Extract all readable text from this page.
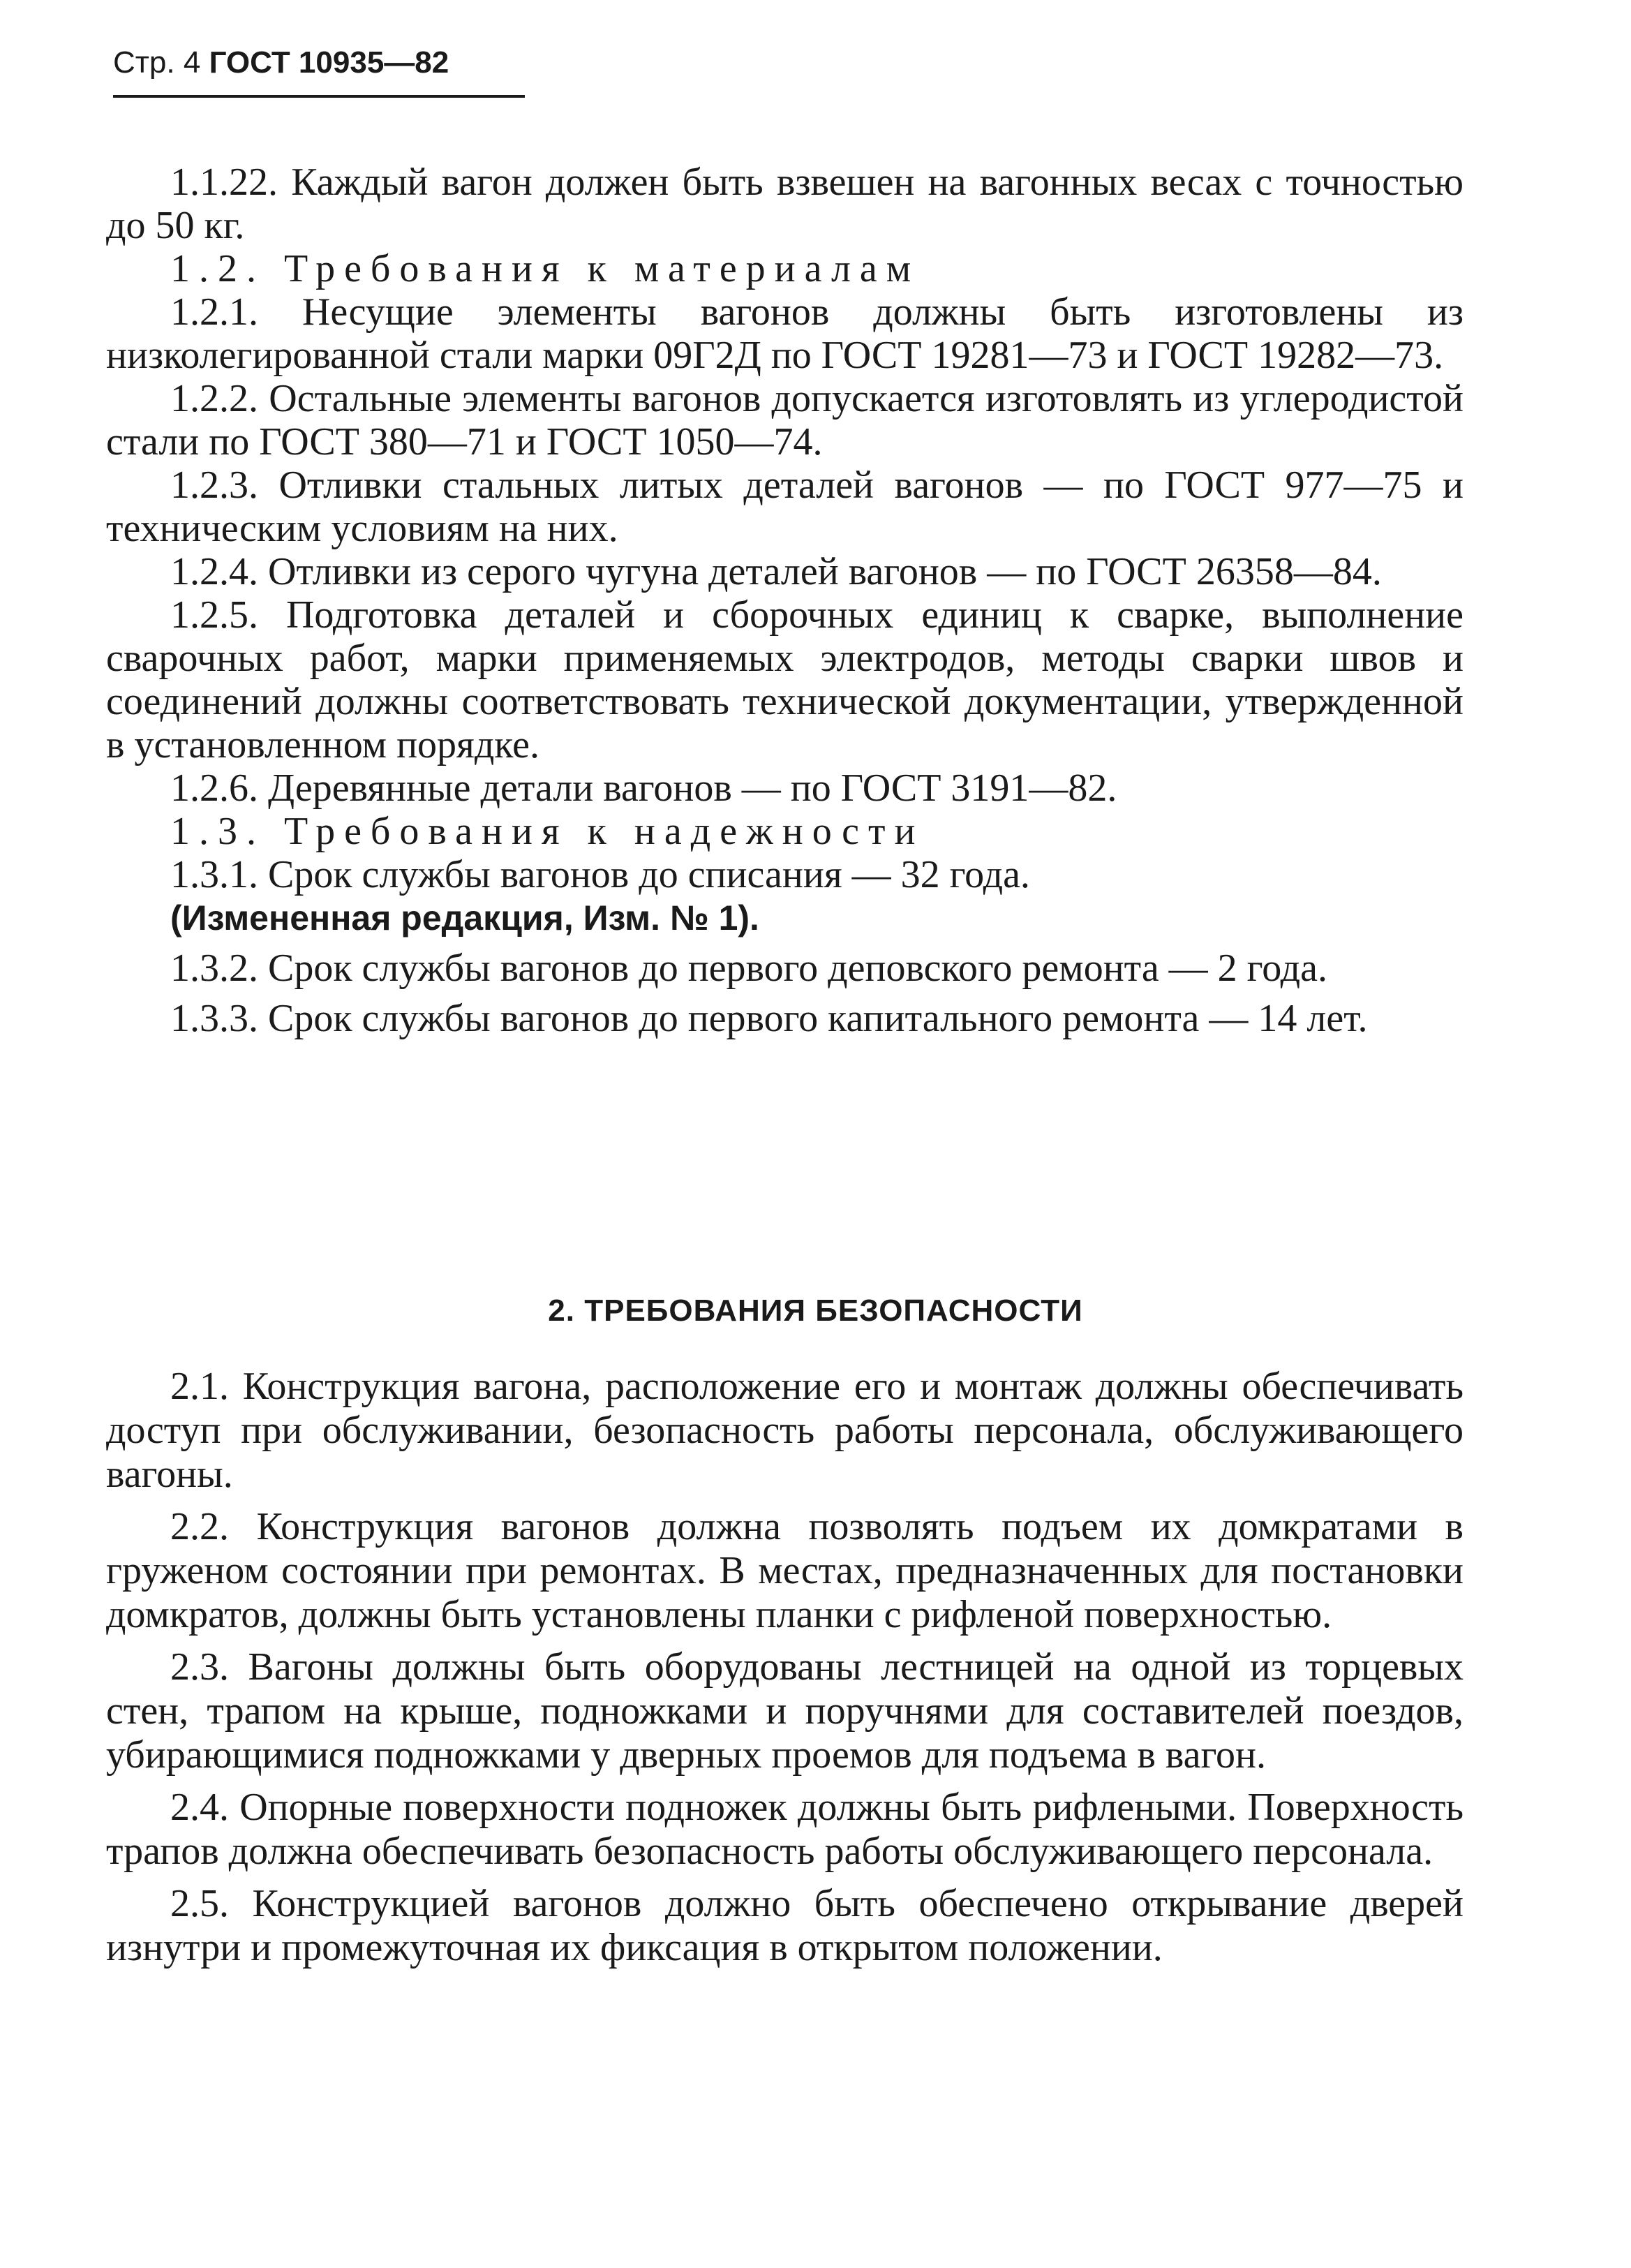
Стр. 4 ГОСТ 10935—82

1.1.22. Каждый вагон должен быть взвешен на вагонных весах с точностью до 50 кг.

1.2. Требования к материалам

1.2.1. Несущие элементы вагонов должны быть изготовлены из низколегированной стали марки 09Г2Д по ГОСТ 19281—73 и ГОСТ 19282—73.

1.2.2. Остальные элементы вагонов допускается изготовлять из углеродистой стали по ГОСТ 380—71 и ГОСТ 1050—74.

1.2.3. Отливки стальных литых деталей вагонов — по ГОСТ 977—75 и техническим условиям на них.

1.2.4. Отливки из серого чугуна деталей вагонов — по ГОСТ 26358—84.

1.2.5. Подготовка деталей и сборочных единиц к сварке, выполнение сварочных работ, марки применяемых электродов, методы сварки швов и соединений должны соответствовать технической документации, утвержденной в установленном порядке.

1.2.6. Деревянные детали вагонов — по ГОСТ 3191—82.

1.3. Требования к надежности

1.3.1. Срок службы вагонов до списания — 32 года.

(Измененная редакция, Изм. № 1).

1.3.2. Срок службы вагонов до первого деповского ремонта — 2 года.

1.3.3. Срок службы вагонов до первого капитального ремонта — 14 лет.

2. ТРЕБОВАНИЯ БЕЗОПАСНОСТИ

2.1. Конструкция вагона, расположение его и монтаж должны обеспечивать доступ при обслуживании, безопасность работы персонала, обслуживающего вагоны.

2.2. Конструкция вагонов должна позволять подъем их домкратами в груженом состоянии при ремонтах. В местах, предназначенных для постановки домкратов, должны быть установлены планки с рифленой поверхностью.

2.3. Вагоны должны быть оборудованы лестницей на одной из торцевых стен, трапом на крыше, подножками и поручнями для составителей поездов, убирающимися подножками у дверных проемов для подъема в вагон.

2.4. Опорные поверхности подножек должны быть рифлеными. Поверхность трапов должна обеспечивать безопасность работы обслуживающего персонала.

2.5. Конструкцией вагонов должно быть обеспечено открывание дверей изнутри и промежуточная их фиксация в открытом положении.
